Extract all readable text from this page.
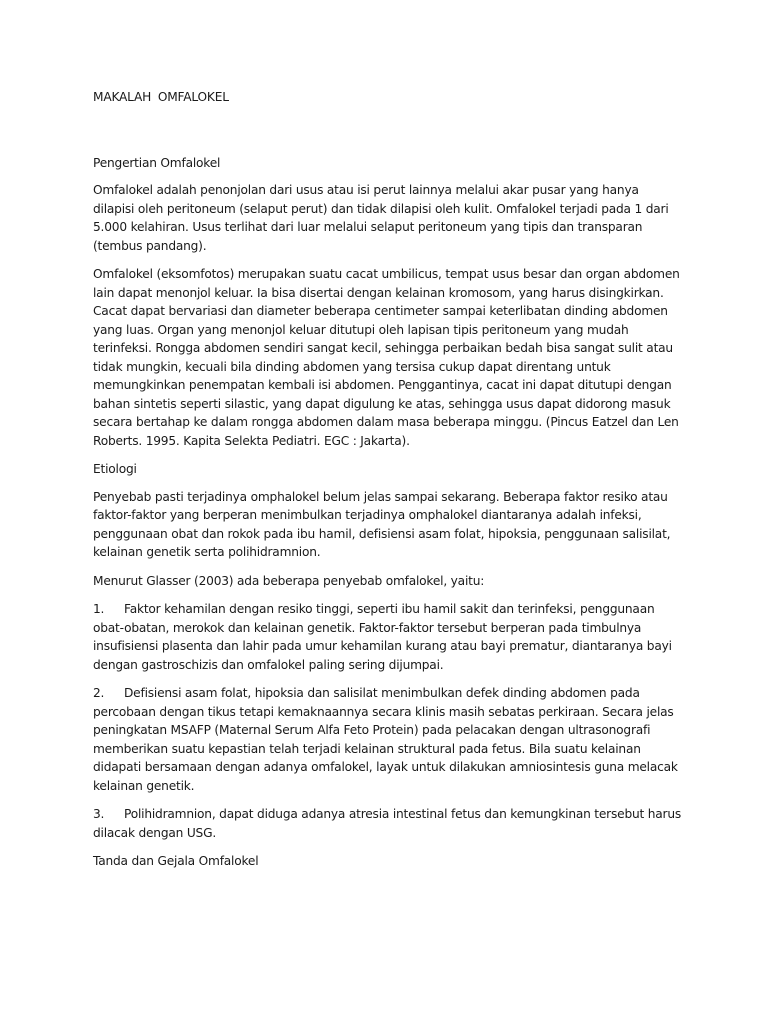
MAKALAH OMFALOKEL
Pengertian Omfalokel

Omfalokel adalah penonjolan dari usus atau isi perut lainnya melalui akar pusar yang hanya dilapisi oleh peritoneum (selaput perut) dan tidak dilapisi oleh kulit. Omfalokel terjadi pada 1 dari 5.000 kelahiran. Usus terlihat dari luar melalui selaput peritoneum yang tipis dan transparan (tembus pandang).

Omfalokel (eksomfotos) merupakan suatu cacat umbilicus, tempat usus besar dan organ abdomen lain dapat menonjol keluar. Ia bisa disertai dengan kelainan kromosom, yang harus disingkirkan. Cacat dapat bervariasi dan diameter beberapa centimeter sampai keterlibatan dinding abdomen yang luas. Organ yang menonjol keluar ditutupi oleh lapisan tipis peritoneum yang mudah terinfeksi. Rongga abdomen sendiri sangat kecil, sehingga perbaikan bedah bisa sangat sulit atau tidak mungkin, kecuali bila dinding abdomen yang tersisa cukup dapat direntang untuk memungkinkan penempatan kembali isi abdomen. Penggantinya, cacat ini dapat ditutupi dengan bahan sintetis seperti silastic, yang dapat digulung ke atas, sehingga usus dapat didorong masuk secara bertahap ke dalam rongga abdomen dalam masa beberapa minggu. (Pincus Eatzel dan Len Roberts. 1995. Kapita Selekta Pediatri. EGC : Jakarta).

Etiologi

Penyebab pasti terjadinya omphalokel belum jelas sampai sekarang. Beberapa faktor resiko atau faktor-faktor yang berperan menimbulkan terjadinya omphalokel diantaranya adalah infeksi, penggunaan obat dan rokok pada ibu hamil, defisiensi asam folat, hipoksia, penggunaan salisilat, kelainan genetik serta polihidramnion.

Menurut Glasser (2003) ada beberapa penyebab omfalokel, yaitu:

1. Faktor kehamilan dengan resiko tinggi, seperti ibu hamil sakit dan terinfeksi, penggunaan obat-obatan, merokok dan kelainan genetik. Faktor-faktor tersebut berperan pada timbulnya insufisiensi plasenta dan lahir pada umur kehamilan kurang atau bayi prematur, diantaranya bayi dengan gastroschizis dan omfalokel paling sering dijumpai.
2. Defisiensi asam folat, hipoksia dan salisilat menimbulkan defek dinding abdomen pada percobaan dengan tikus tetapi kemaknaannya secara klinis masih sebatas perkiraan. Secara jelas peningkatan MSAFP (Maternal Serum Alfa Feto Protein) pada pelacakan dengan ultrasonografi memberikan suatu kepastian telah terjadi kelainan struktural pada fetus. Bila suatu kelainan didapati bersamaan dengan adanya omfalokel, layak untuk dilakukan amniosintesis guna melacak kelainan genetik.
3. Polihidramnion, dapat diduga adanya atresia intestinal fetus dan kemungkinan tersebut harus dilacak dengan USG.
Tanda dan Gejala Omfalokel
